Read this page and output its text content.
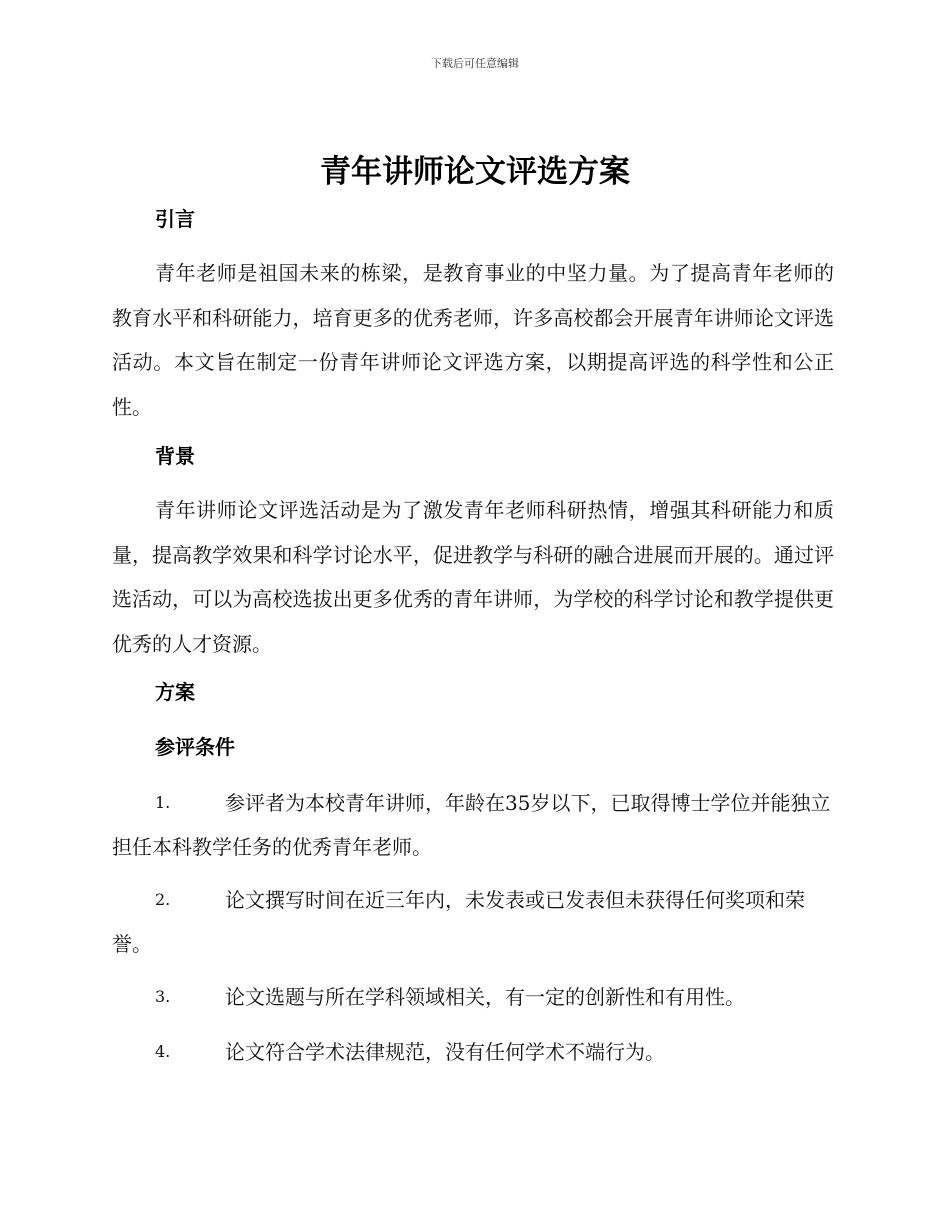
下载后可任意编辑
青年讲师论文评选方案
引言

青年老师是祖国未来的栋梁，是教育事业的中坚力量。为了提高青年老师的教育水平和科研能力，培育更多的优秀老师，许多高校都会开展青年讲师论文评选活动。本文旨在制定一份青年讲师论文评选方案，以期提高评选的科学性和公正性。

背景

青年讲师论文评选活动是为了激发青年老师科研热情，增强其科研能力和质量，提高教学效果和科学讨论水平，促进教学与科研的融合进展而开展的。通过评选活动，可以为高校选拔出更多优秀的青年讲师，为学校的科学讨论和教学提供更优秀的人才资源。

方案
参评条件
1.	参评者为本校青年讲师，年龄在35岁以下，已取得博士学位并能独立担任本科教学任务的优秀青年老师。
2.	论文撰写时间在近三年内，未发表或已发表但未获得任何奖项和荣誉。
3.	论文选题与所在学科领域相关，有一定的创新性和有用性。
4.	论文符合学术法律规范，没有任何学术不端行为。
